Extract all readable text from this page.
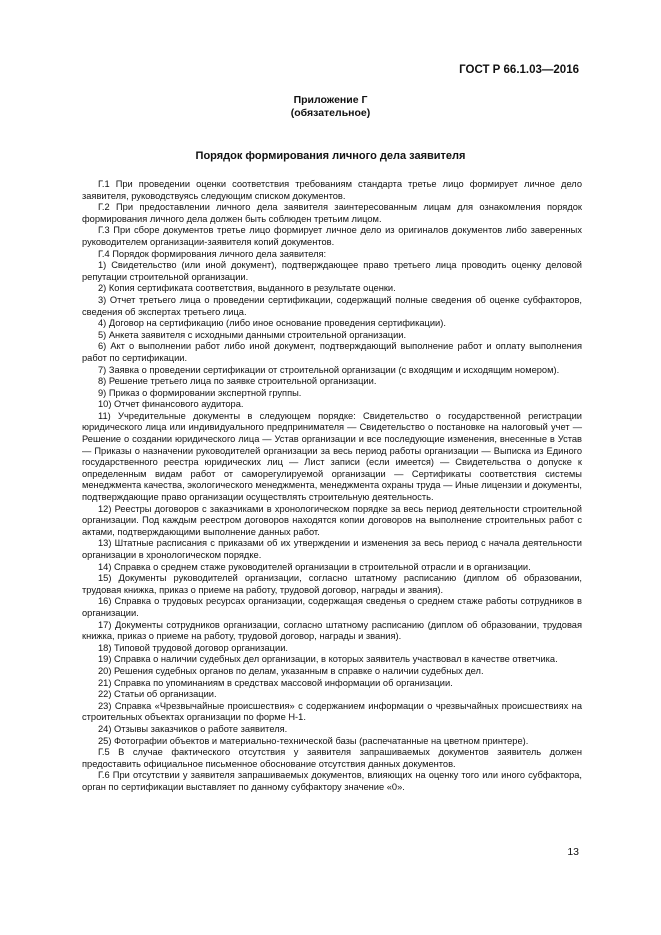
ГОСТ Р 66.1.03—2016
Приложение Г
(обязательное)
Порядок формирования личного дела заявителя

Г.1 При проведении оценки соответствия требованиям стандарта третье лицо формирует личное дело заявителя, руководствуясь следующим списком документов.

Г.2 При предоставлении личного дела заявителя заинтересованным лицам для ознакомления порядок формирования личного дела должен быть соблюден третьим лицом.

Г.3 При сборе документов третье лицо формирует личное дело из оригиналов документов либо заверенных руководителем организации-заявителя копий документов.

Г.4 Порядок формирования личного дела заявителя:

1) Свидетельство (или иной документ), подтверждающее право третьего лица проводить оценку деловой репутации строительной организации.

2) Копия сертификата соответствия, выданного в результате оценки.

3) Отчет третьего лица о проведении сертификации, содержащий полные сведения об оценке субфакторов, сведения об экспертах третьего лица.

4) Договор на сертификацию (либо иное основание проведения сертификации).

5) Анкета заявителя с исходными данными строительной организации.

6) Акт о выполнении работ либо иной документ, подтверждающий выполнение работ и оплату выполнения работ по сертификации.

7) Заявка о проведении сертификации от строительной организации (с входящим и исходящим номером).

8) Решение третьего лица по заявке строительной организации.

9) Приказ о формировании экспертной группы.

10) Отчет финансового аудитора.

11) Учредительные документы в следующем порядке: Свидетельство о государственной регистрации юридического лица или индивидуального предпринимателя — Свидетельство о постановке на налоговый учет — Решение о создании юридического лица — Устав организации и все последующие изменения, внесенные в Устав — Приказы о назначении руководителей организации за весь период работы организации — Выписка из Единого государственного реестра юридических лиц — Лист записи (если имеется) — Свидетельства о допуске к определенным видам работ от саморегулируемой организации — Сертификаты соответствия системы менеджмента качества, экологического менеджмента, менеджмента охраны труда — Иные лицензии и документы, подтверждающие право организации осуществлять строительную деятельность.

12) Реестры договоров с заказчиками в хронологическом порядке за весь период деятельности строительной организации. Под каждым реестром договоров находятся копии договоров на выполнение строительных работ с актами, подтверждающими выполнение данных работ.

13) Штатные расписания с приказами об их утверждении и изменения за весь период с начала деятельности организации в хронологическом порядке.

14) Справка о среднем стаже руководителей организации в строительной отрасли и в организации.

15) Документы руководителей организации, согласно штатному расписанию (диплом об образовании, трудовая книжка, приказ о приеме на работу, трудовой договор, награды и звания).

16) Справка о трудовых ресурсах организации, содержащая сведенья о среднем стаже работы сотрудников в организации.

17) Документы сотрудников организации, согласно штатному расписанию (диплом об образовании, трудовая книжка, приказ о приеме на работу, трудовой договор, награды и звания).

18) Типовой трудовой договор организации.

19) Справка о наличии судебных дел организации, в которых заявитель участвовал в качестве ответчика.

20) Решения судебных органов по делам, указанным в справке о наличии судебных дел.

21) Справка по упоминаниям в средствах массовой информации об организации.

22) Статьи об организации.

23) Справка «Чрезвычайные происшествия» с содержанием информации о чрезвычайных происшествиях на строительных объектах организации по форме Н-1.

24) Отзывы заказчиков о работе заявителя.

25) Фотографии объектов и материально-технической базы (распечатанные на цветном принтере).

Г.5 В случае фактического отсутствия у заявителя запрашиваемых документов заявитель должен предоставить официальное письменное обоснование отсутствия данных документов.

Г.6 При отсутствии у заявителя запрашиваемых документов, влияющих на оценку того или иного субфактора, орган по сертификации выставляет по данному субфактору значение «0».

13
